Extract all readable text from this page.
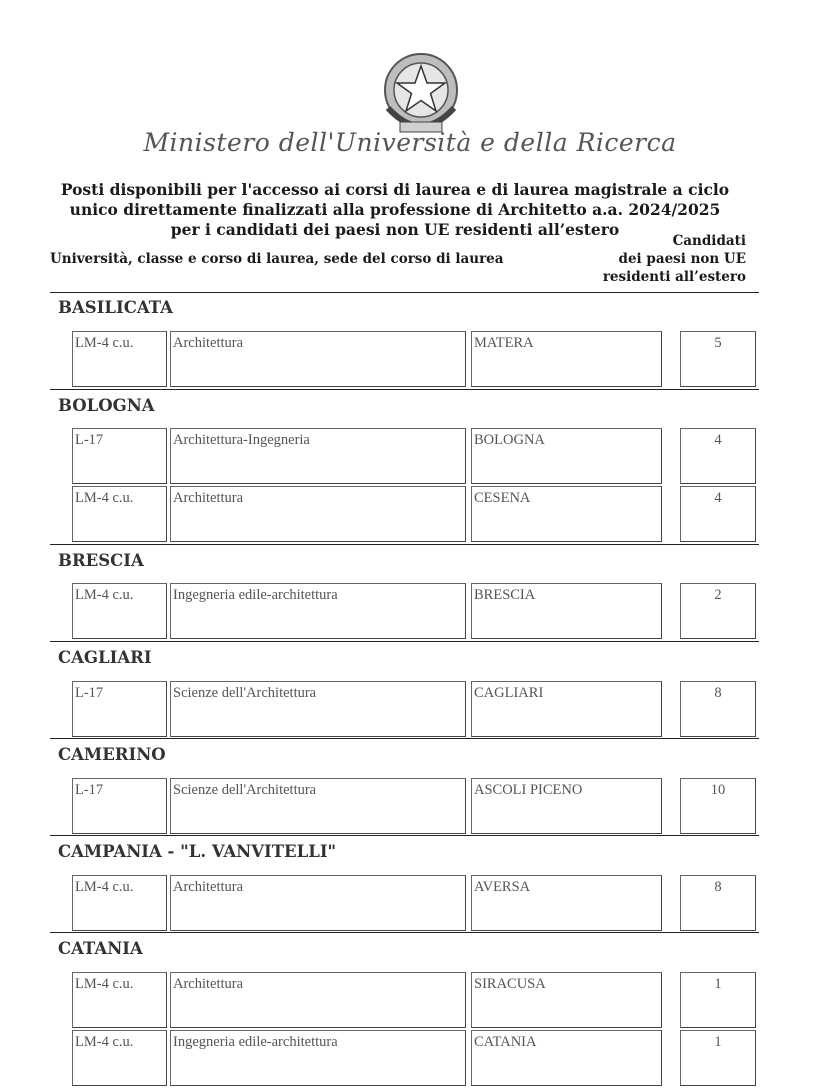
Ministero dell'Università e della Ricerca
Posti disponibili per l'accesso ai corsi di laurea e di laurea magistrale a ciclo
unico direttamente finalizzati alla professione di Architetto a.a. 2024/2025
per i candidati dei paesi non UE residenti all’estero
Università, classe e corso di laurea, sede del corso di laurea
Candidati
dei paesi non UE
residenti all’estero
BASILICATA
LM-4 c.u.	Architettura	MATERA	5
BOLOGNA
L-17	Architettura-Ingegneria	BOLOGNA	4
LM-4 c.u.	Architettura	CESENA	4
BRESCIA
LM-4 c.u.	Ingegneria edile-architettura	BRESCIA	2
CAGLIARI
L-17	Scienze dell'Architettura	CAGLIARI	8
CAMERINO
L-17	Scienze dell'Architettura	ASCOLI PICENO	10
CAMPANIA - "L. VANVITELLI"
LM-4 c.u.	Architettura	AVERSA	8
CATANIA
LM-4 c.u.	Architettura	SIRACUSA	1
LM-4 c.u.	Ingegneria edile-architettura	CATANIA	1
